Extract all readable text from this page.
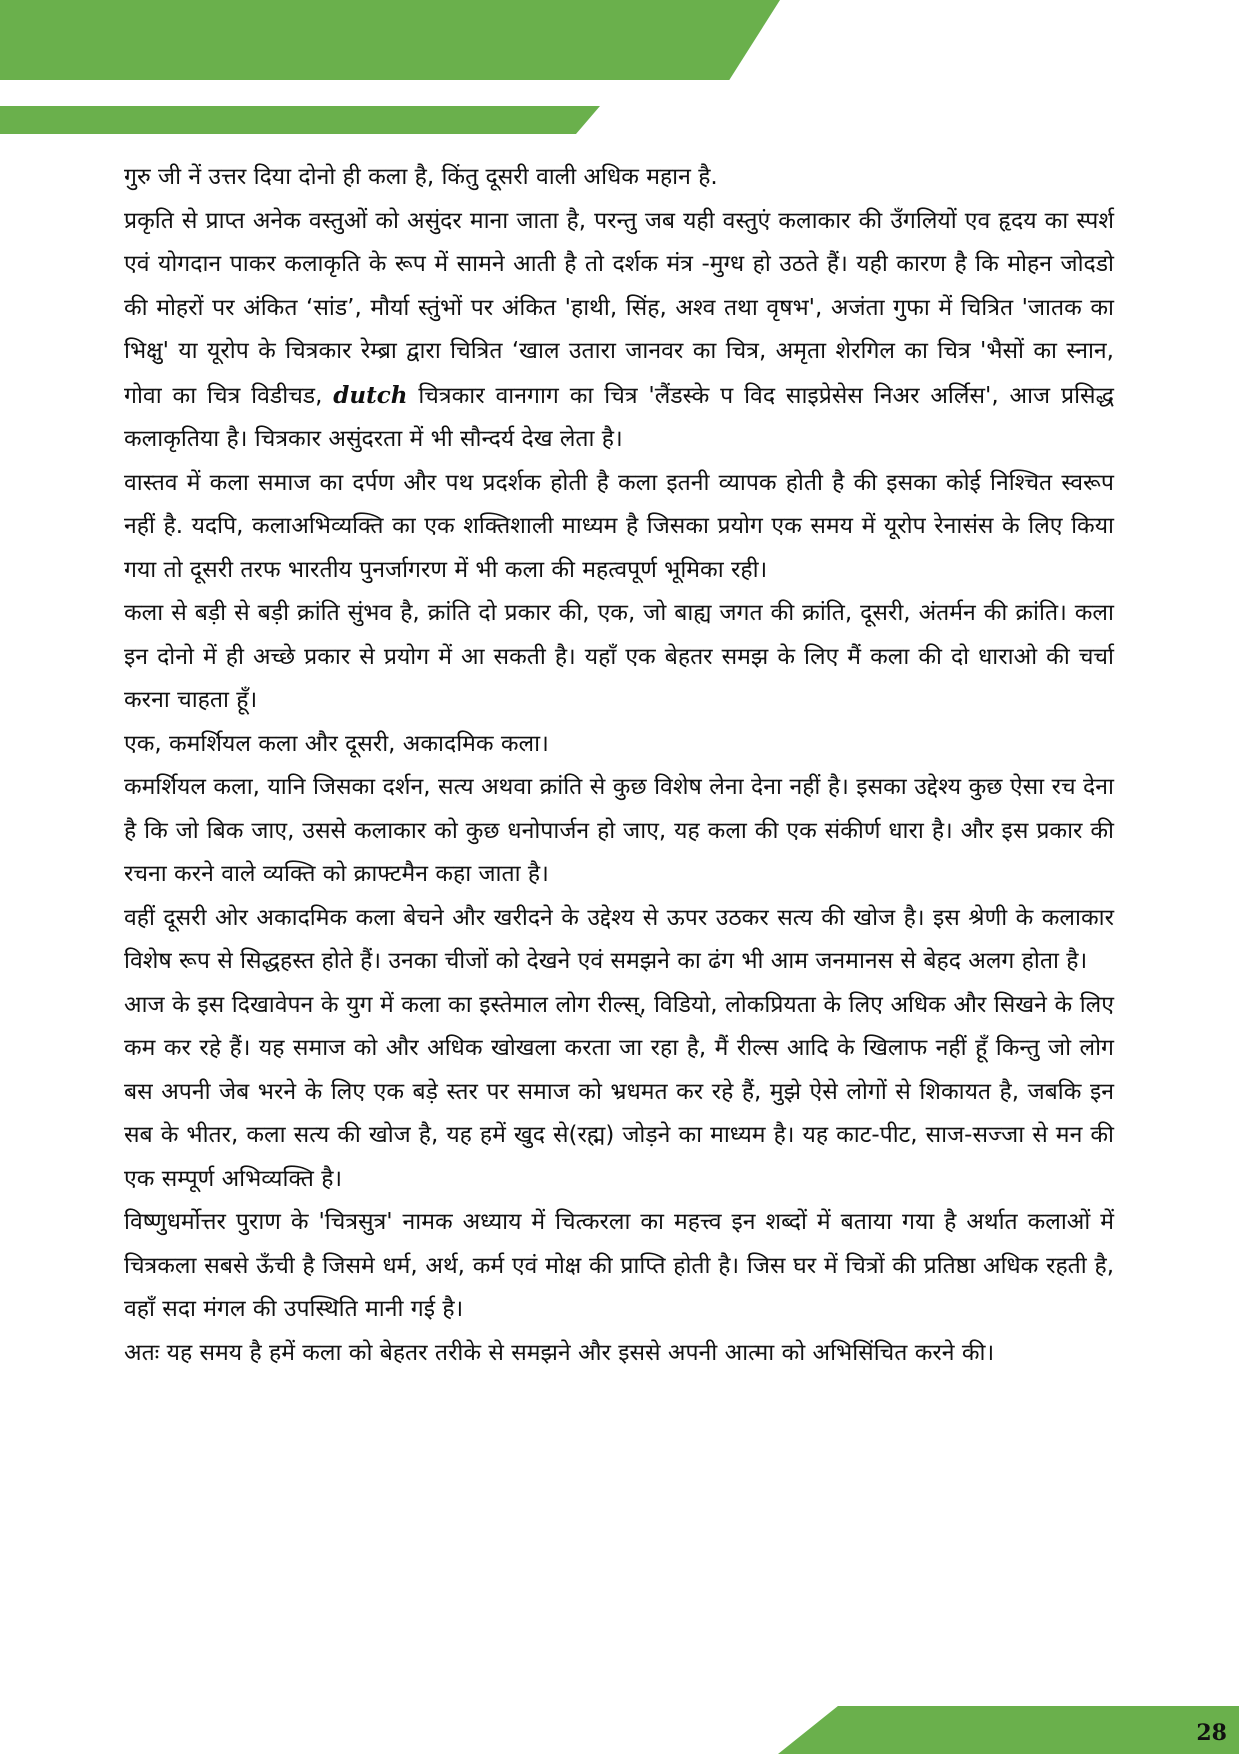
गुरु जी नें उत्तर दिया दोनो ही कला है, किंतु दूसरी वाली अधिक महान है.

प्रकृति से प्राप्त अनेक वस्तुओं को असुंदर माना जाता है, परन्तु जब यही वस्तुएं कलाकार की उँगलियों एव हृदय का स्पर्श एवं योगदान पाकर कलाकृति के रूप में सामने आती है तो दर्शक मंत्र -मुग्ध हो उठते हैं। यही कारण है कि मोहन जोदडो की मोहरों पर अंकित ‘सांड’, मौर्या स्तुंभों पर अंकित 'हाथी, सिंह, अश्व तथा वृषभ', अजंता गुफा में चित्रित 'जातक का भिक्षु' या यूरोप के चित्रकार रेम्ब्रा द्वारा चित्रित ‘खाल उतारा जानवर का चित्र, अमृता शेरगिल का चित्र 'भैसों का स्नान, गोवा का चित्र विडीचड, dutch चित्रकार वानगाग का चित्र 'लैंडस्के प विद साइप्रेसेस निअर अर्लिस', आज प्रसिद्ध कलाकृतिया है। चित्रकार असुंदरता में भी सौन्दर्य देख लेता है।

वास्तव में कला समाज का दर्पण और पथ प्रदर्शक होती है कला इतनी व्यापक होती है की इसका कोई निश्चित स्वरूप नहीं है. यदपि, कलाअभिव्यक्ति का एक शक्तिशाली माध्यम है जिसका प्रयोग एक समय में यूरोप रेनासंस के लिए किया गया तो दूसरी तरफ भारतीय पुनर्जागरण में भी कला की महत्वपूर्ण भूमिका रही।

कला से बड़ी से बड़ी क्रांति सुंभव है, क्रांति दो प्रकार की, एक, जो बाह्य जगत की क्रांति, दूसरी, अंतर्मन की क्रांति। कला इन दोनो में ही अच्छे प्रकार से प्रयोग में आ सकती है। यहाँ एक बेहतर समझ के लिए मैं कला की दो धाराओ की चर्चा करना चाहता हूँ।

एक, कमर्शियल कला और दूसरी, अकादमिक कला।

कमर्शियल कला, यानि जिसका दर्शन, सत्य अथवा क्रांति से कुछ विशेष लेना देना नहीं है। इसका उद्देश्य कुछ ऐसा रच देना है कि जो बिक जाए, उससे कलाकार को कुछ धनोपार्जन हो जाए, यह कला की एक संकीर्ण धारा है। और इस प्रकार की रचना करने वाले व्यक्ति को क्राफ्टमैन कहा जाता है।

वहीं दूसरी ओर अकादमिक कला बेचने और खरीदने के उद्देश्य से ऊपर उठकर सत्य की खोज है। इस श्रेणी के कलाकार विशेष रूप से सिद्धहस्त होते हैं। उनका चीजों को देखने एवं समझने का ढंग भी आम जनमानस से बेहद अलग होता है।

आज के इस दिखावेपन के युग में कला का इस्तेमाल लोग रील्स्, विडियो, लोकप्रियता के लिए अधिक और सिखने के लिए कम कर रहे हैं। यह समाज को और अधिक खोखला करता जा रहा है, मैं रील्स आदि के खिलाफ नहीं हूँ किन्तु जो लोग बस अपनी जेब भरने के लिए एक बड़े स्तर पर समाज को भ्रधमत कर रहे हैं, मुझे ऐसे लोगों से शिकायत है, जबकि इन सब के भीतर, कला सत्य की खोज है, यह हमें खुद से(रह्म) जोड़ने का माध्यम है। यह काट-पीट, साज-सज्जा से मन की एक सम्पूर्ण अभिव्यक्ति है।

विष्णुधर्मोत्तर पुराण के 'चित्रसुत्र' नामक अध्याय में चित्करला का महत्त्व इन शब्दों में बताया गया है अर्थात कलाओं में चित्रकला सबसे ऊँची है जिसमे धर्म, अर्थ, कर्म एवं मोक्ष की प्राप्ति होती है। जिस घर में चित्रों की प्रतिष्ठा अधिक रहती है, वहाँ सदा मंगल की उपस्थिति मानी गई है।

अतः यह समय है हमें कला को बेहतर तरीके से समझने और इससे अपनी आत्मा को अभिसिंचित करने की।

28
